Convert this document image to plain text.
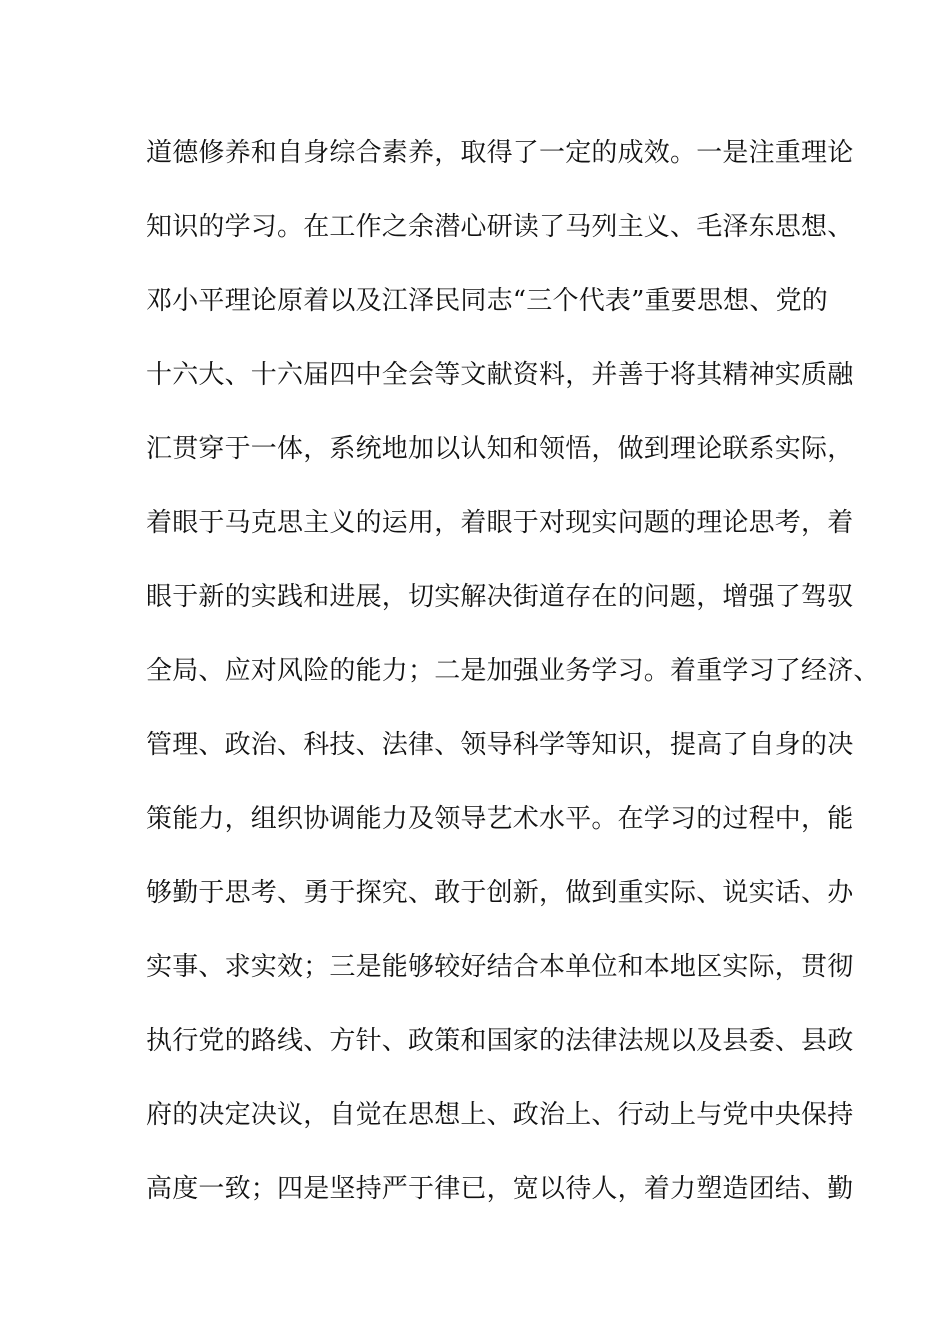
道德修养和自身综合素养，取得了一定的成效。一是注重理论
知识的学习。在工作之余潜心研读了马列主义、毛泽东思想、
邓小平理论原着以及江泽民同志“三个代表”重要思想、党的
十六大、十六届四中全会等文献资料，并善于将其精神实质融
汇贯穿于一体，系统地加以认知和领悟，做到理论联系实际，
着眼于马克思主义的运用，着眼于对现实问题的理论思考，着
眼于新的实践和进展，切实解决街道存在的问题，增强了驾驭
全局、应对风险的能力；二是加强业务学习。着重学习了经济、
管理、政治、科技、法律、领导科学等知识，提高了自身的决
策能力，组织协调能力及领导艺术水平。在学习的过程中，能
够勤于思考、勇于探究、敢于创新，做到重实际、说实话、办
实事、求实效；三是能够较好结合本单位和本地区实际，贯彻
执行党的路线、方针、政策和国家的法律法规以及县委、县政
府的决定决议，自觉在思想上、政治上、行动上与党中央保持
高度一致；四是坚持严于律已，宽以待人，着力塑造团结、勤
